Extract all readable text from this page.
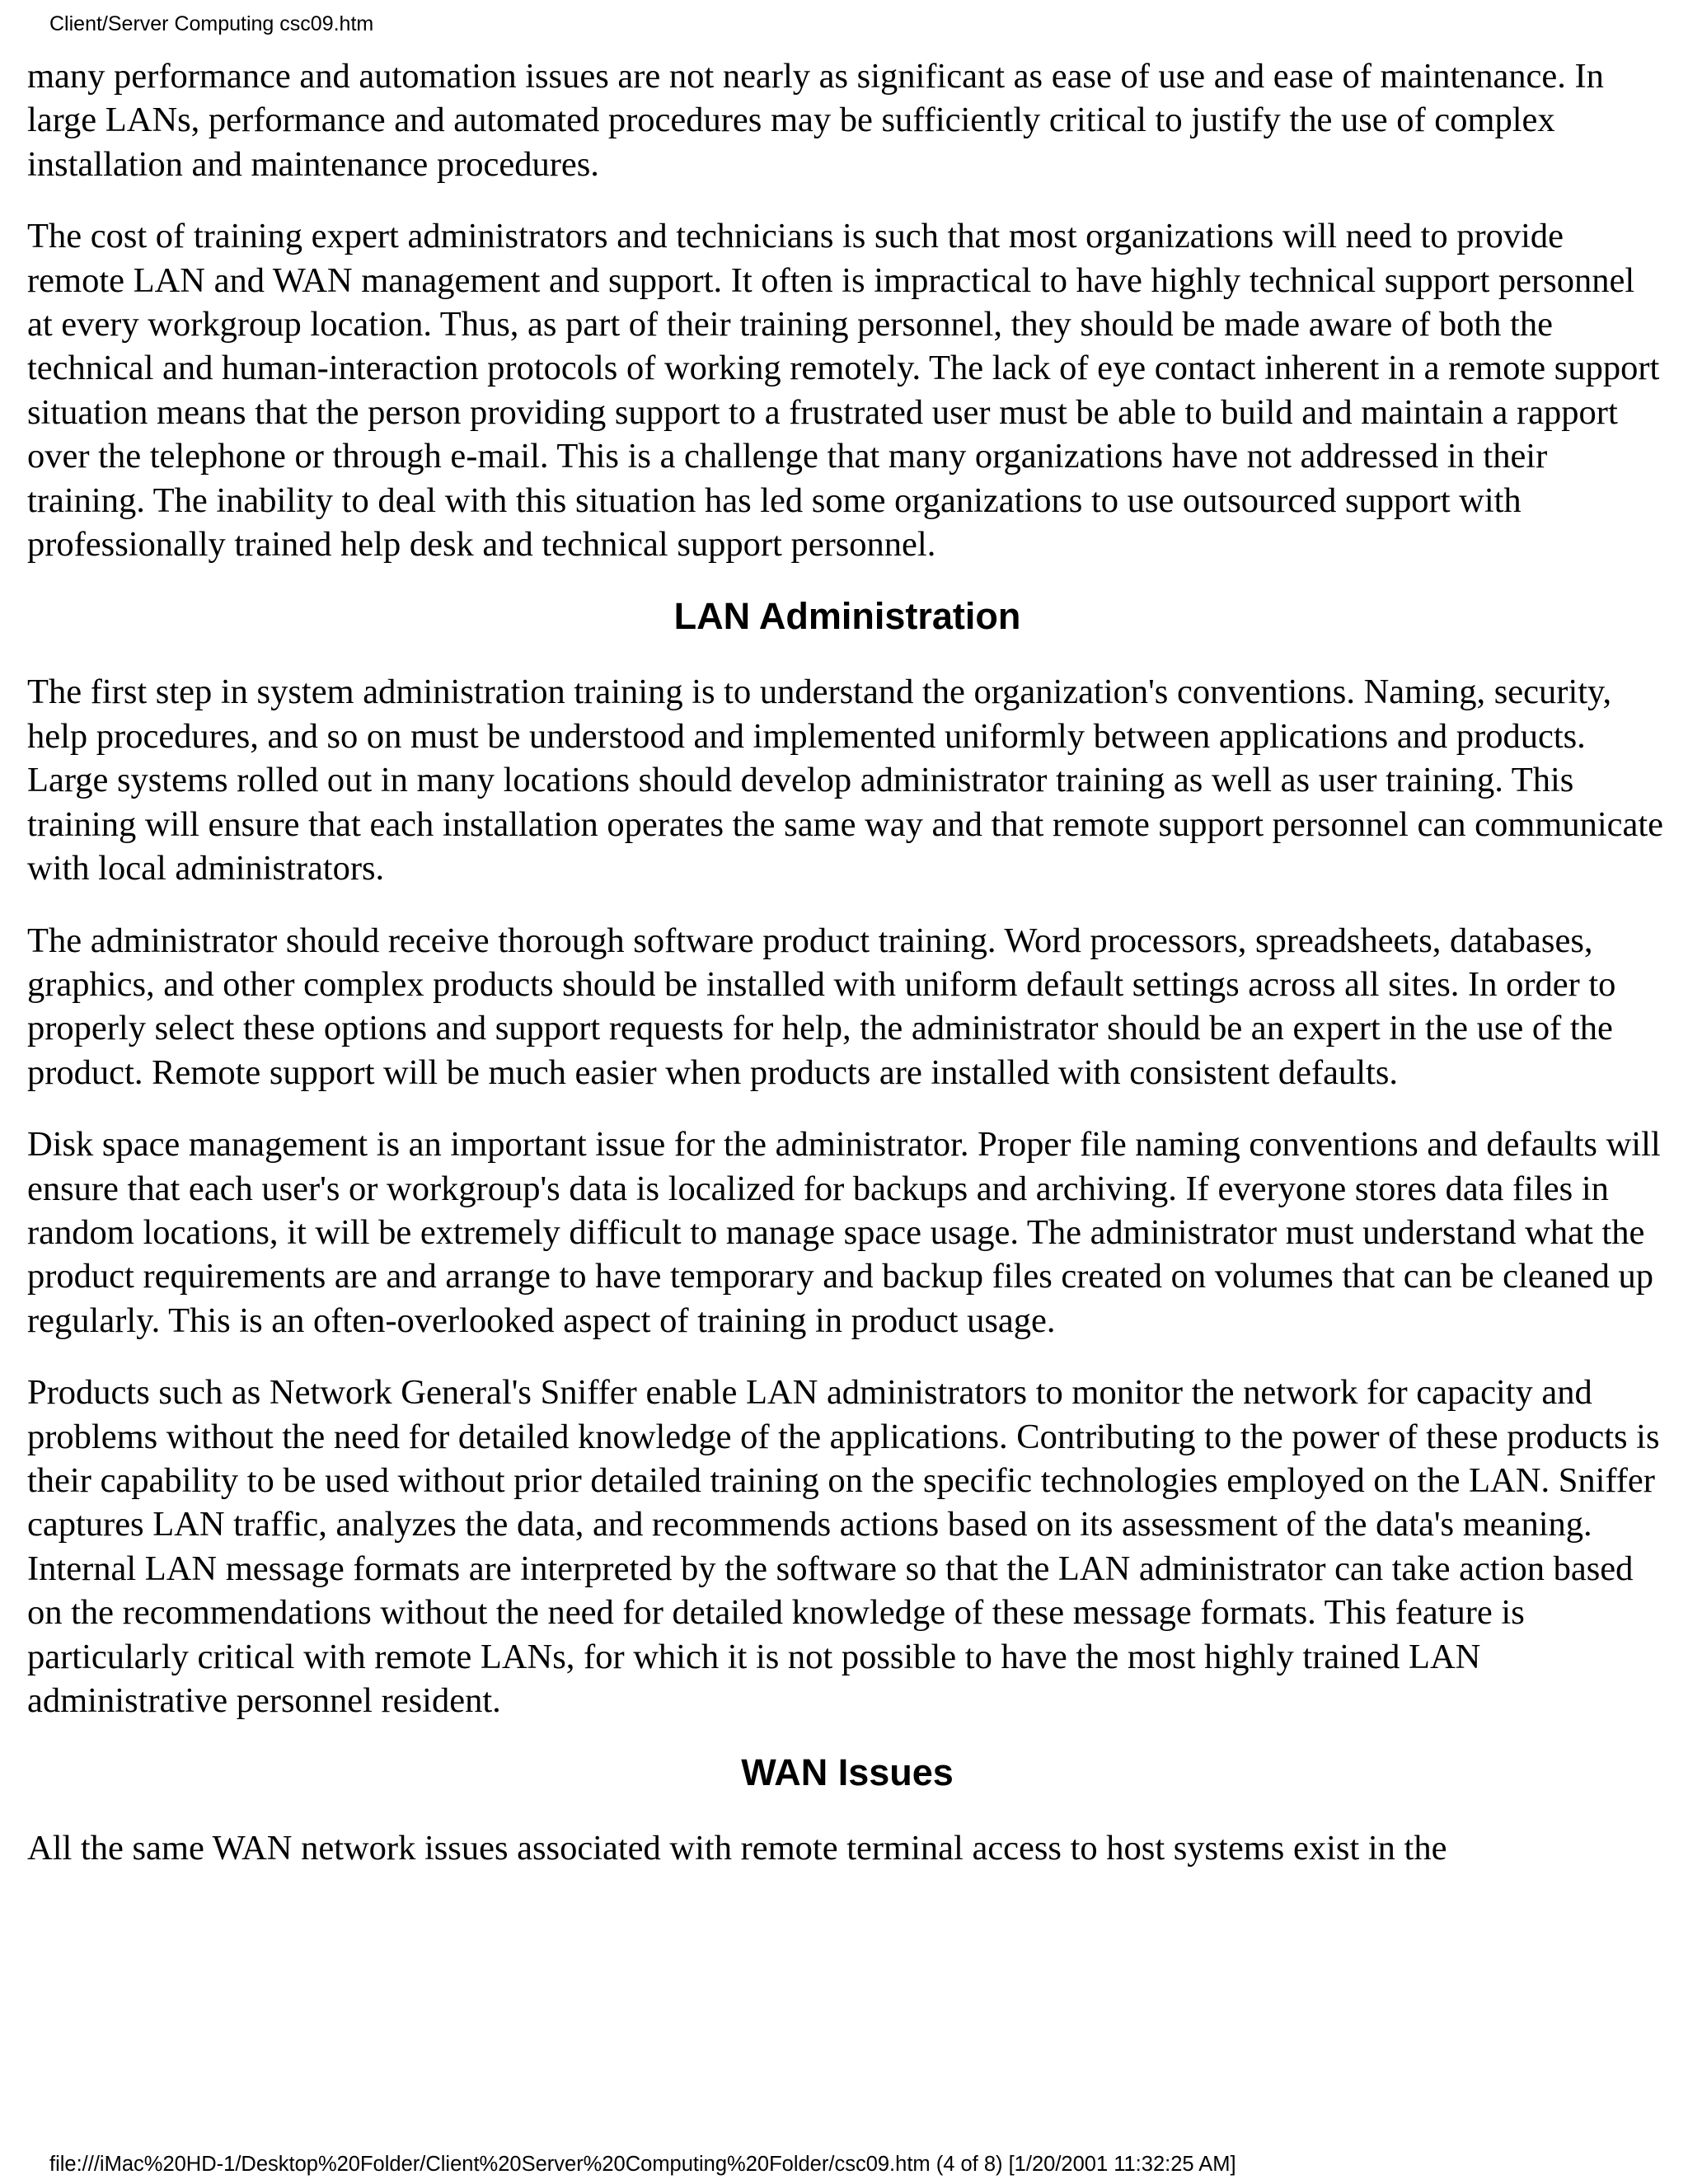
Client/Server Computing csc09.htm

many performance and automation issues are not nearly as significant as ease of use and ease of maintenance. In large LANs, performance and automated procedures may be sufficiently critical to justify the use of complex installation and maintenance procedures.

The cost of training expert administrators and technicians is such that most organizations will need to provide remote LAN and WAN management and support. It often is impractical to have highly technical support personnel at every workgroup location. Thus, as part of their training personnel, they should be made aware of both the technical and human-interaction protocols of working remotely. The lack of eye contact inherent in a remote support situation means that the person providing support to a frustrated user must be able to build and maintain a rapport over the telephone or through e-mail. This is a challenge that many organizations have not addressed in their training. The inability to deal with this situation has led some organizations to use outsourced support with professionally trained help desk and technical support personnel.

LAN Administration

The first step in system administration training is to understand the organization's conventions. Naming, security, help procedures, and so on must be understood and implemented uniformly between applications and products. Large systems rolled out in many locations should develop administrator training as well as user training. This training will ensure that each installation operates the same way and that remote support personnel can communicate with local administrators.

The administrator should receive thorough software product training. Word processors, spreadsheets, databases, graphics, and other complex products should be installed with uniform default settings across all sites. In order to properly select these options and support requests for help, the administrator should be an expert in the use of the product. Remote support will be much easier when products are installed with consistent defaults.

Disk space management is an important issue for the administrator. Proper file naming conventions and defaults will ensure that each user's or workgroup's data is localized for backups and archiving. If everyone stores data files in random locations, it will be extremely difficult to manage space usage. The administrator must understand what the product requirements are and arrange to have temporary and backup files created on volumes that can be cleaned up regularly. This is an often-overlooked aspect of training in product usage.

Products such as Network General's Sniffer enable LAN administrators to monitor the network for capacity and problems without the need for detailed knowledge of the applications. Contributing to the power of these products is their capability to be used without prior detailed training on the specific technologies employed on the LAN. Sniffer captures LAN traffic, analyzes the data, and recommends actions based on its assessment of the data's meaning. Internal LAN message formats are interpreted by the software so that the LAN administrator can take action based on the recommendations without the need for detailed knowledge of these message formats. This feature is particularly critical with remote LANs, for which it is not possible to have the most highly trained LAN administrative personnel resident.

WAN Issues

All the same WAN network issues associated with remote terminal access to host systems exist in the

file:///iMac%20HD-1/Desktop%20Folder/Client%20Server%20Computing%20Folder/csc09.htm (4 of 8) [1/20/2001 11:32:25 AM]
